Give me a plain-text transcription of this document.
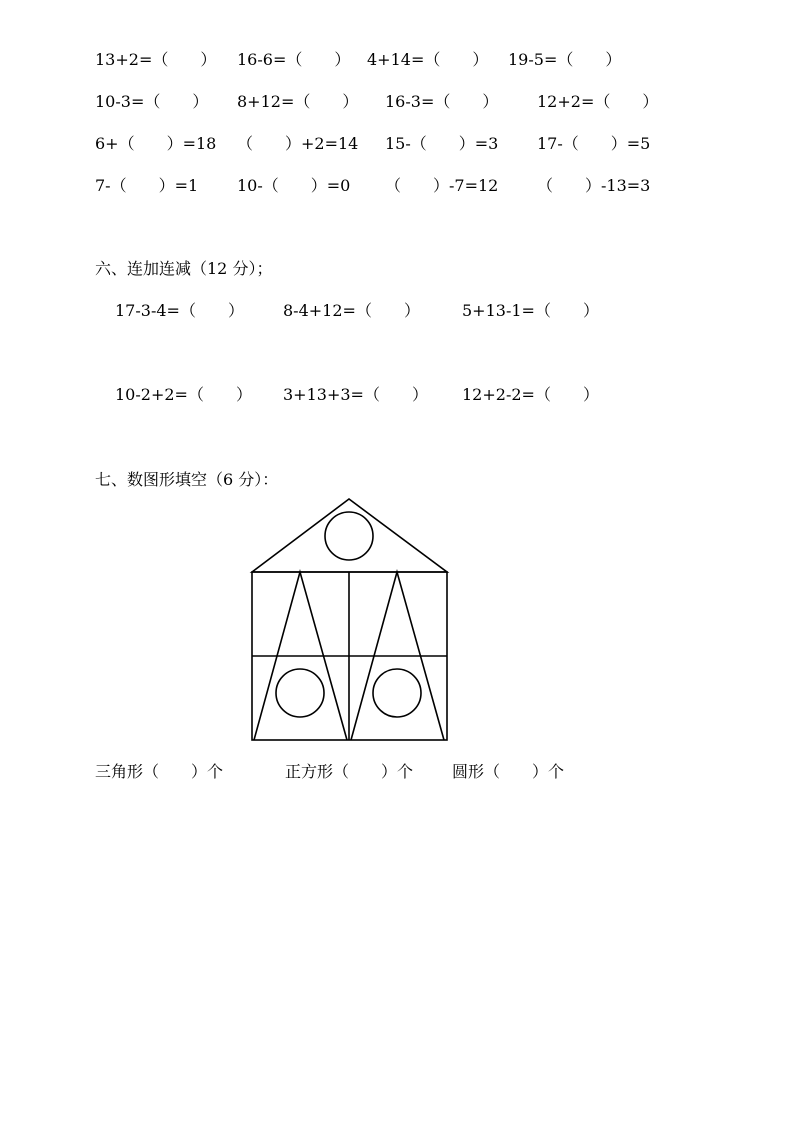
13+2=（　　） 16-6=（　　） 4+14=（　　） 19-5=（　　）
10-3=（　　） 8+12=（　　） 16-3=（　　） 12+2=（　　）
6+（　　）=18 （　　）+2=14 15-（　　）=3 17-（　　）=5
7-（　　）=1 10-（　　）=0 （　　）-7=12 （　　）-13=3
六、连加连减（12 分）；
17-3-4=（　　） 8-4+12=（　　）	5+13-1=（　　）
10-2+2=（　　） 3+13+3=（　　） 12+2-2=（　　）
七、数图形填空（6 分）：
三角形（　　）个	正方形（　　）个 圆形（　　）个
